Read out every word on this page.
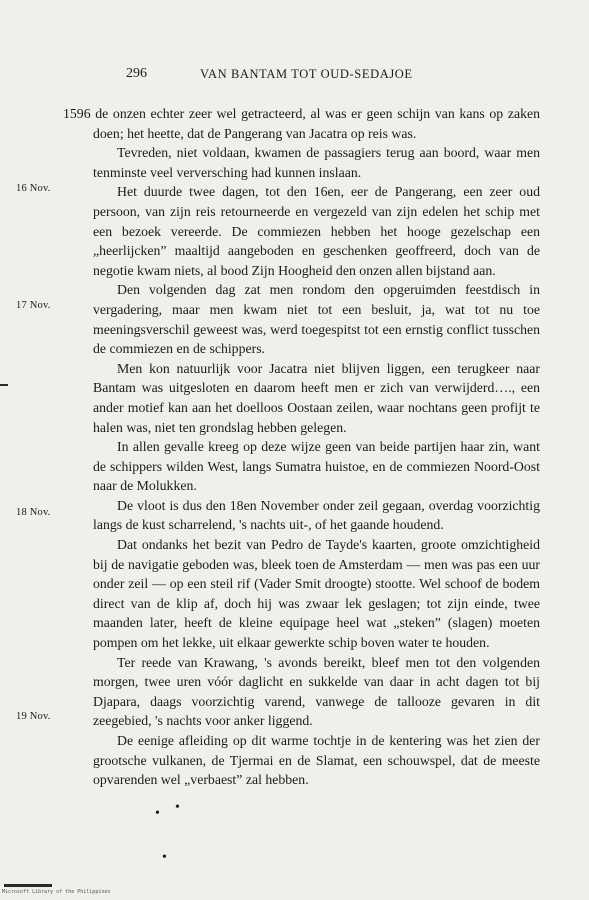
296	VAN BANTAM TOT OUD-SEDAJOE
16 Nov.
17 Nov.
18 Nov.
19 Nov.

1596 de onzen echter zeer wel getracteerd, al was er geen schijn van kans op zaken doen; het heette, dat de Pangerang van Jacatra op reis was.

Tevreden, niet voldaan, kwamen de passagiers terug aan boord, waar men tenminste veel verversching had kunnen inslaan.

Het duurde twee dagen, tot den 16en, eer de Pangerang, een zeer oud persoon, van zijn reis retourneerde en vergezeld van zijn edelen het schip met een bezoek vereerde. De commiezen hebben het hooge gezelschap een „heerlijcken” maaltijd aangeboden en geschenken geoffreerd, doch van de negotie kwam niets, al bood Zijn Hoogheid den onzen allen bijstand aan.

Den volgenden dag zat men rondom den opgeruimden feestdisch in vergadering, maar men kwam niet tot een besluit, ja, wat tot nu toe meeningsverschil geweest was, werd toegespitst tot een ernstig conflict tusschen de commiezen en de schippers.

Men kon natuurlijk voor Jacatra niet blijven liggen, een terugkeer naar Bantam was uitgesloten en daarom heeft men er zich van verwijderd…., een ander motief kan aan het doelloos Oostaan zeilen, waar nochtans geen profijt te halen was, niet ten grondslag hebben gelegen.

In allen gevalle kreeg op deze wijze geen van beide partijen haar zin, want de schippers wilden West, langs Sumatra huistoe, en de commiezen Noord-Oost naar de Molukken.

De vloot is dus den 18en November onder zeil gegaan, overdag voorzichtig langs de kust scharrelend, 's nachts uit-, of het gaande houdend.

Dat ondanks het bezit van Pedro de Tayde's kaarten, groote omzichtigheid bij de navigatie geboden was, bleek toen de Amsterdam — men was pas een uur onder zeil — op een steil rif (Vader Smit droogte) stootte. Wel schoof de bodem direct van de klip af, doch hij was zwaar lek geslagen; tot zijn einde, twee maanden later, heeft de kleine equipage heel wat „steken” (slagen) moeten pompen om het lekke, uit elkaar gewerkte schip boven water te houden.

Ter reede van Krawang, 's avonds bereikt, bleef men tot den volgenden morgen, twee uren vóór daglicht en sukkelde van daar in acht dagen tot bij Djapara, daags voorzichtig varend, vanwege de tallooze gevaren in dit zeegebied, 's nachts voor anker liggend.

De eenige afleiding op dit warme tochtje in de kentering was het zien der grootsche vulkanen, de Tjermai en de Slamat, een schouwspel, dat de meeste opvarenden wel „verbaest” zal hebben.

• •
•
Microsoft Library of the Philippines
